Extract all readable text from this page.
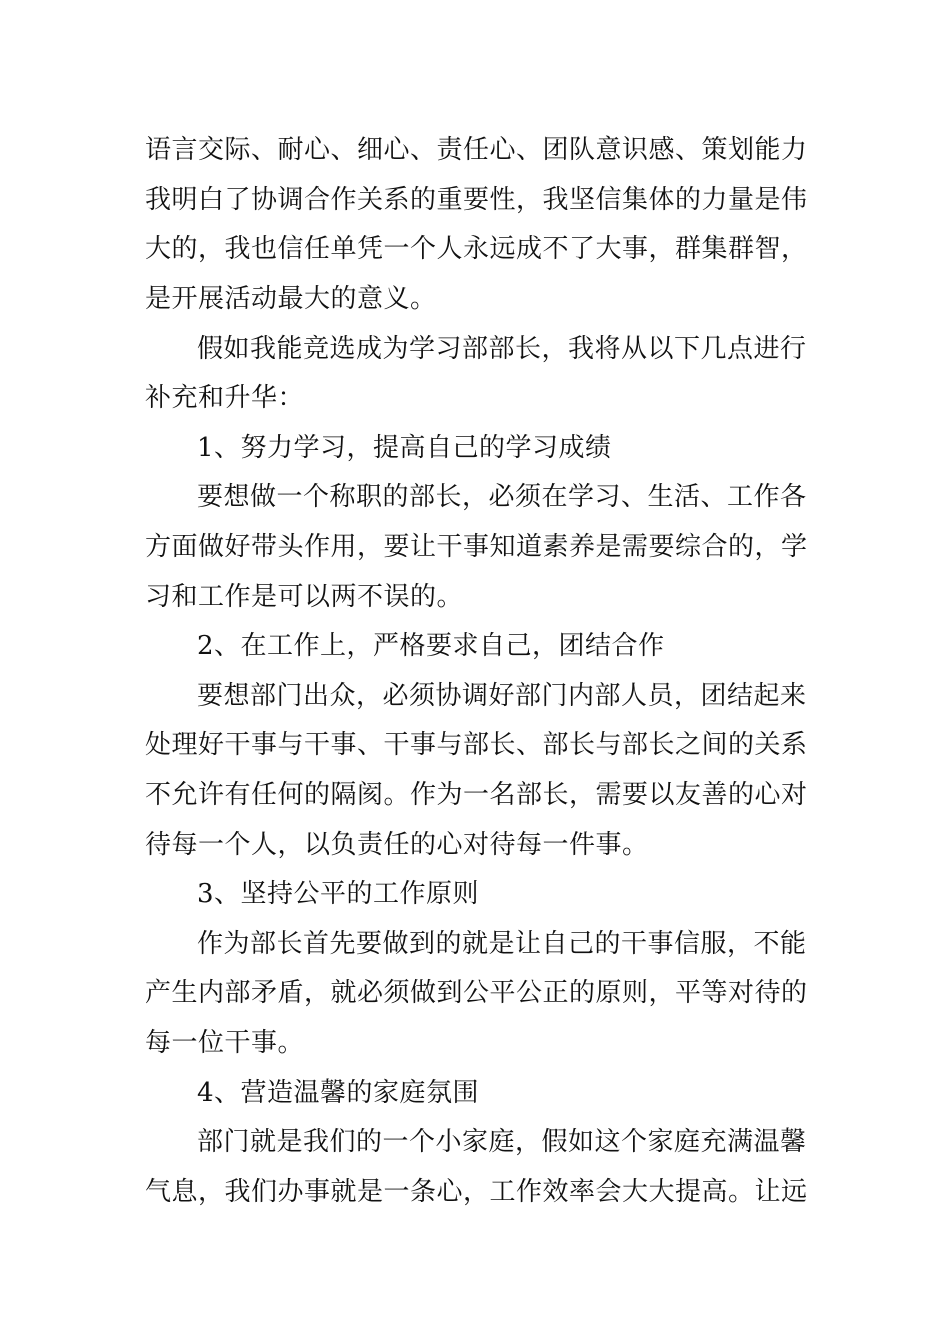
语言交际、耐心、细心、责任心、团队意识感、策划能力
我明白了协调合作关系的重要性，我坚信集体的力量是伟
大的，我也信任单凭一个人永远成不了大事，群集群智，
是开展活动最大的意义。
假如我能竞选成为学习部部长，我将从以下几点进行
补充和升华：
1、努力学习，提高自己的学习成绩
要想做一个称职的部长，必须在学习、生活、工作各
方面做好带头作用，要让干事知道素养是需要综合的，学
习和工作是可以两不误的。
2、在工作上，严格要求自己，团结合作
要想部门出众，必须协调好部门内部人员，团结起来
处理好干事与干事、干事与部长、部长与部长之间的关系
不允许有任何的隔阂。作为一名部长，需要以友善的心对
待每一个人，以负责任的心对待每一件事。
3、坚持公平的工作原则
作为部长首先要做到的就是让自己的干事信服，不能
产生内部矛盾，就必须做到公平公正的原则，平等对待的
每一位干事。
4、营造温馨的家庭氛围
部门就是我们的一个小家庭，假如这个家庭充满温馨
气息，我们办事就是一条心，工作效率会大大提高。让远
